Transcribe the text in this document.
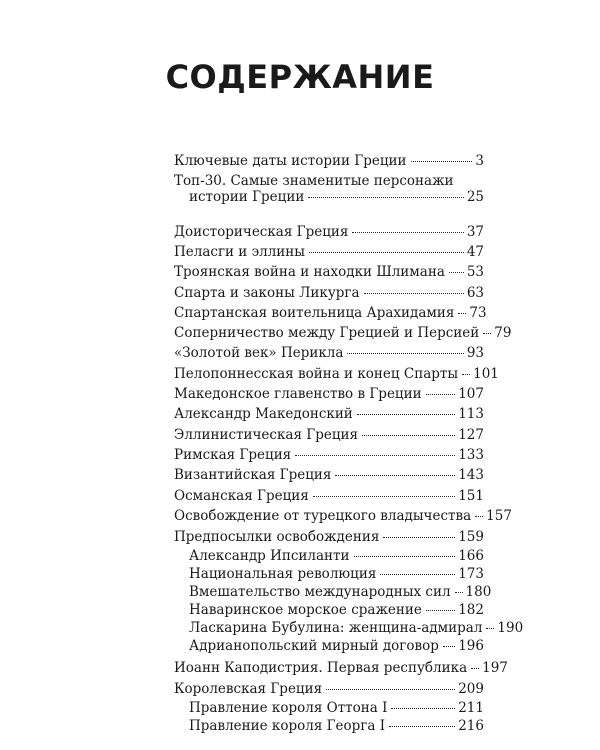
СОДЕРЖАНИЕ
Ключевые даты истории Греции	3
Топ-30. Самые знаменитые персонажи
истории Греции	25
Доисторическая Греция	37
Пеласги и эллины	47
Троянская война и находки Шлимана 53
Спарта и законы Ликурга	63
Спартанская воительница Арахидамия 73
Соперничество между Грецией и Персией 79
«Золотой век» Перикла	93
Пелопоннесская война и конец Спарты 101
Македонское главенство в Греции	107
Александр Македонский	113
Эллинистическая Греция	127
Римская Греция	133
Византийская Греция	143
Османская Греция	151
Освобождение от турецкого владычества 157
Предпосылки освобождения	159
Александр Ипсиланти	166
Национальная революция	173
Вмешательство международных сил 180
Наваринское морское сражение	182
Ласкарина Бубулина: женщина-адмирал 190
Адрианопольский мирный договор 196
Иоанн Каподистрия. Первая республика 197
Королевская Греция	209
Правление короля Оттона I	211
Правление короля Георга I	216
